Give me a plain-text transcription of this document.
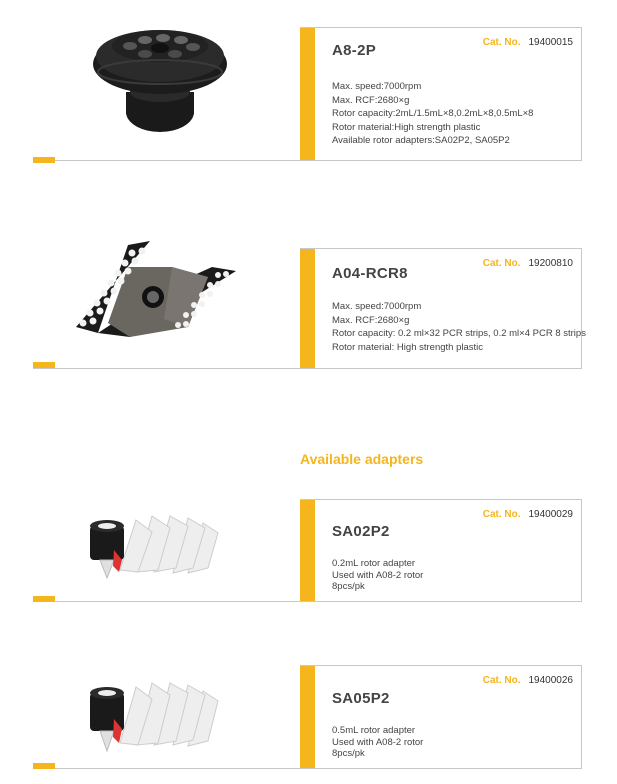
Cat. No. 19400015
A8-2P
Max. speed:7000rpm
Max. RCF:2680×g
Rotor capacity:2mL/1.5mL×8,0.2mL×8,0.5mL×8
Rotor material:High strength plastic
Available rotor adapters:SA02P2, SA05P2
Cat. No. 19200810
A04-RCR8
Max. speed:7000rpm
Max. RCF:2680×g
Rotor capacity: 0.2 ml×32 PCR strips, 0.2 ml×4 PCR 8 strips
Rotor material: High strength plastic
Available adapters
Cat. No. 19400029
SA02P2
0.2mL rotor adapter
Used with A08-2 rotor
8pcs/pk
Cat. No. 19400026
SA05P2
0.5mL rotor adapter
Used with A08-2 rotor
8pcs/pk
